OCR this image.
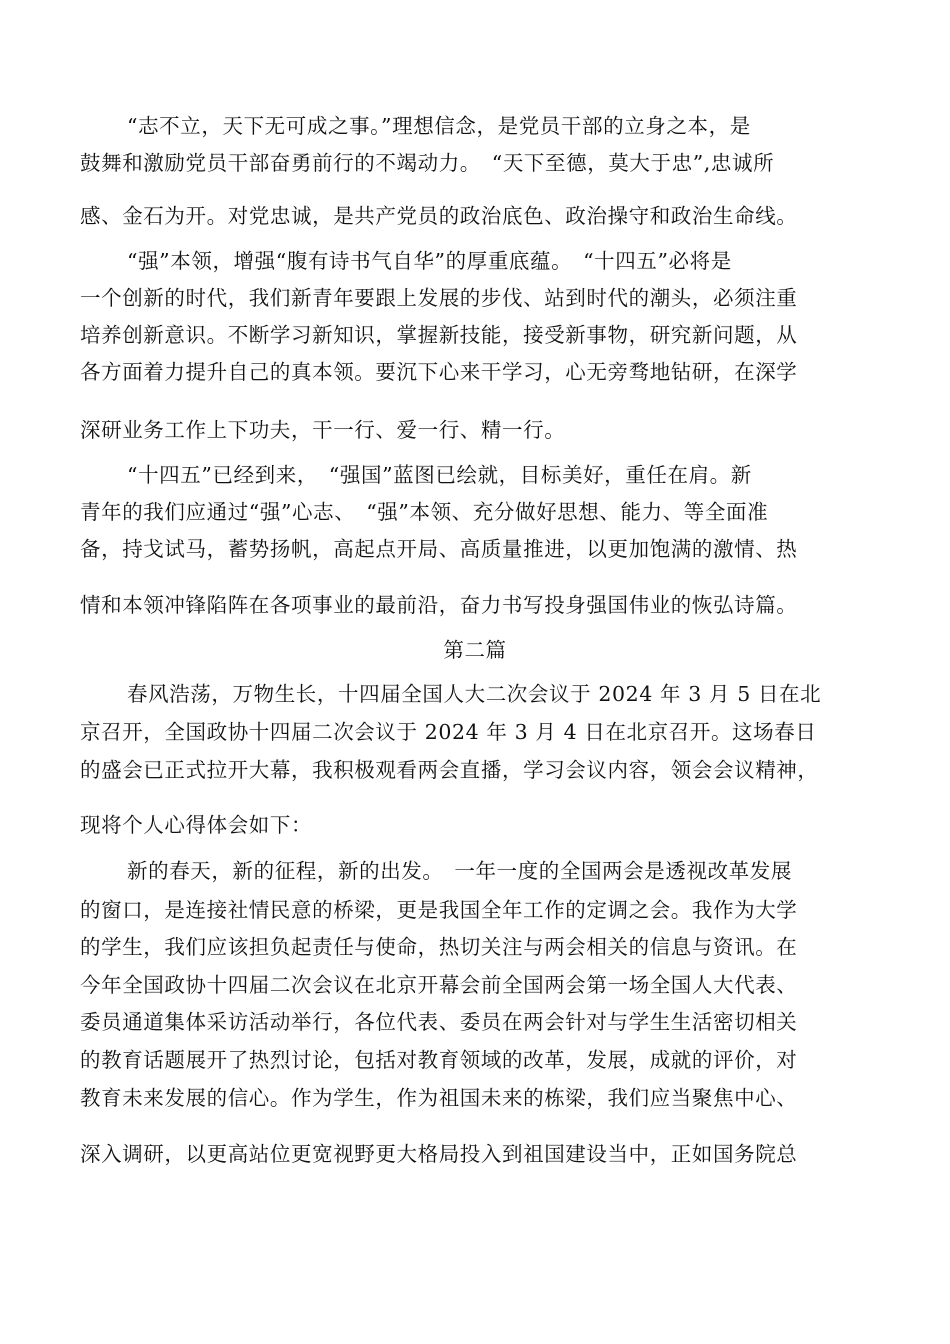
“志不立，天下无可成之事。”理想信念，是党员干部的立身之本，是
鼓舞和激励党员干部奋勇前行的不竭动力。　“天下至德，莫大于忠”,忠诚所
感、金石为开。对党忠诚，是共产党员的政治底色、政治操守和政治生命线。
“强”本领，增强“腹有诗书气自华”的厚重底蕴。　“十四五”必将是
一个创新的时代，我们新青年要跟上发展的步伐、站到时代的潮头，必须注重
培养创新意识。不断学习新知识，掌握新技能，接受新事物，研究新问题，从
各方面着力提升自己的真本领。要沉下心来干学习，心无旁骛地钻研，在深学
深研业务工作上下功夫，干一行、爱一行、精一行。
“十四五”已经到来，　“强国”蓝图已绘就，目标美好，重任在肩。新
青年的我们应通过“强”心志、　“强”本领、充分做好思想、能力、等全面准
备，持戈试马，蓄势扬帆，高起点开局、高质量推进，以更加饱满的激情、热
情和本领冲锋陷阵在各项事业的最前沿，奋力书写投身强国伟业的恢弘诗篇。
第二篇
春风浩荡，万物生长，十四届全国人大二次会议于 2024 年 3 月 5 日在北
京召开，全国政协十四届二次会议于 2024 年 3 月 4 日在北京召开。这场春日
的盛会已正式拉开大幕，我积极观看两会直播，学习会议内容，领会会议精神，
现将个人心得体会如下：
新的春天，新的征程，新的出发。　一年一度的全国两会是透视改革发展
的窗口，是连接社情民意的桥梁，更是我国全年工作的定调之会。我作为大学
的学生，我们应该担负起责任与使命，热切关注与两会相关的信息与资讯。在
今年全国政协十四届二次会议在北京开幕会前全国两会第一场全国人大代表、
委员通道集体采访活动举行，各位代表、委员在两会针对与学生生活密切相关
的教育话题展开了热烈讨论，包括对教育领域的改革，发展，成就的评价，对
教育未来发展的信心。作为学生，作为祖国未来的栋梁，我们应当聚焦中心、
深入调研，以更高站位更宽视野更大格局投入到祖国建设当中，正如国务院总
